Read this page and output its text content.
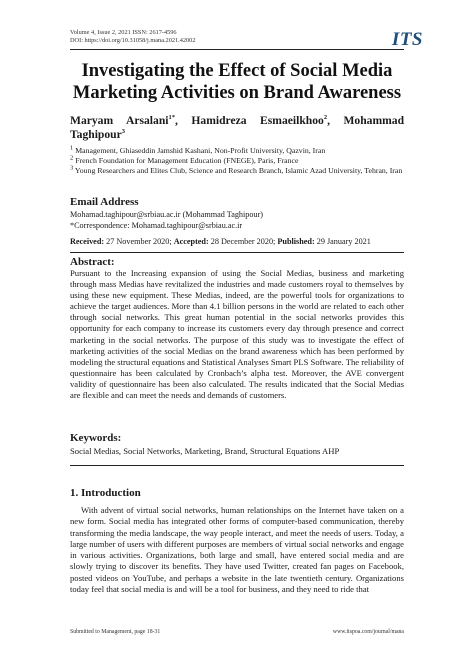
Volume 4, Issue 2, 2021 ISSN: 2617-4596
DOI: https://doi.org/10.31058/j.mana.2021.42002	ITS
Investigating the Effect of Social Media Marketing Activities on Brand Awareness
Maryam Arsalani$^{1*}$, Hamidreza Esmaeilkhoo$^2$, Mohammad
Taghipour$^3$
$^1$ Management, Ghiaseddin Jamshid Kashani, Non-Profit University, Qazvin, Iran
$^2$ French Foundation for Management Education (FNEGE), Paris, France
$^3$ Young Researchers and Elites Club, Science and Research Branch, Islamic Azad University, Tehran, Iran
Email Address
Mohamad.taghipour@srbiau.ac.ir (Mohammad Taghipour)
*Correspondence: Mohamad.taghipour@srbiau.ac.ir
Received: 27 November 2020; Accepted: 28 December 2020; Published: 29 January 2021
Abstract:
Pursuant to the Increasing expansion of using the Social Medias, business and marketing through mass Medias have revitalized the industries and made customers royal to themselves by using these new equipment. These Medias, indeed, are the powerful tools for organizations to achieve the target audiences. More than 4.1 billion persons in the world are related to each other through social networks. This great human potential in the social networks provides this opportunity for each company to increase its customers every day through presence and correct marketing in the social networks. The purpose of this study was to investigate the effect of marketing activities of the social Medias on the brand awareness which has been performed by modeling the structural equations and Statistical Analyses Smart PLS Software. The reliability of questionnaire has been calculated by Cronbach’s alpha test. Moreover, the AVE convergent validity of questionnaire has been also calculated. The results indicated that the Social Medias are flexible and can meet the needs and demands of customers.
Keywords:
Social Medias, Social Networks, Marketing, Brand, Structural Equations AHP
1. Introduction
With advent of virtual social networks, human relationships on the Internet have taken on a new form. Social media has integrated other forms of computer-based communication, thereby transforming the media landscape, the way people interact, and meet the needs of users. Today, a large number of users with different purposes are members of virtual social networks and engage in various activities. Organizations, both large and small, have entered social media and are slowly trying to discover its benefits. They have used Twitter, created fan pages on Facebook, posted videos on YouTube, and perhaps a website in the late twentieth century. Organizations today feel that social media is and will be a tool for business, and they need to ride that
Submitted to Management, page 18-31	www.itspoa.com/journal/mana
